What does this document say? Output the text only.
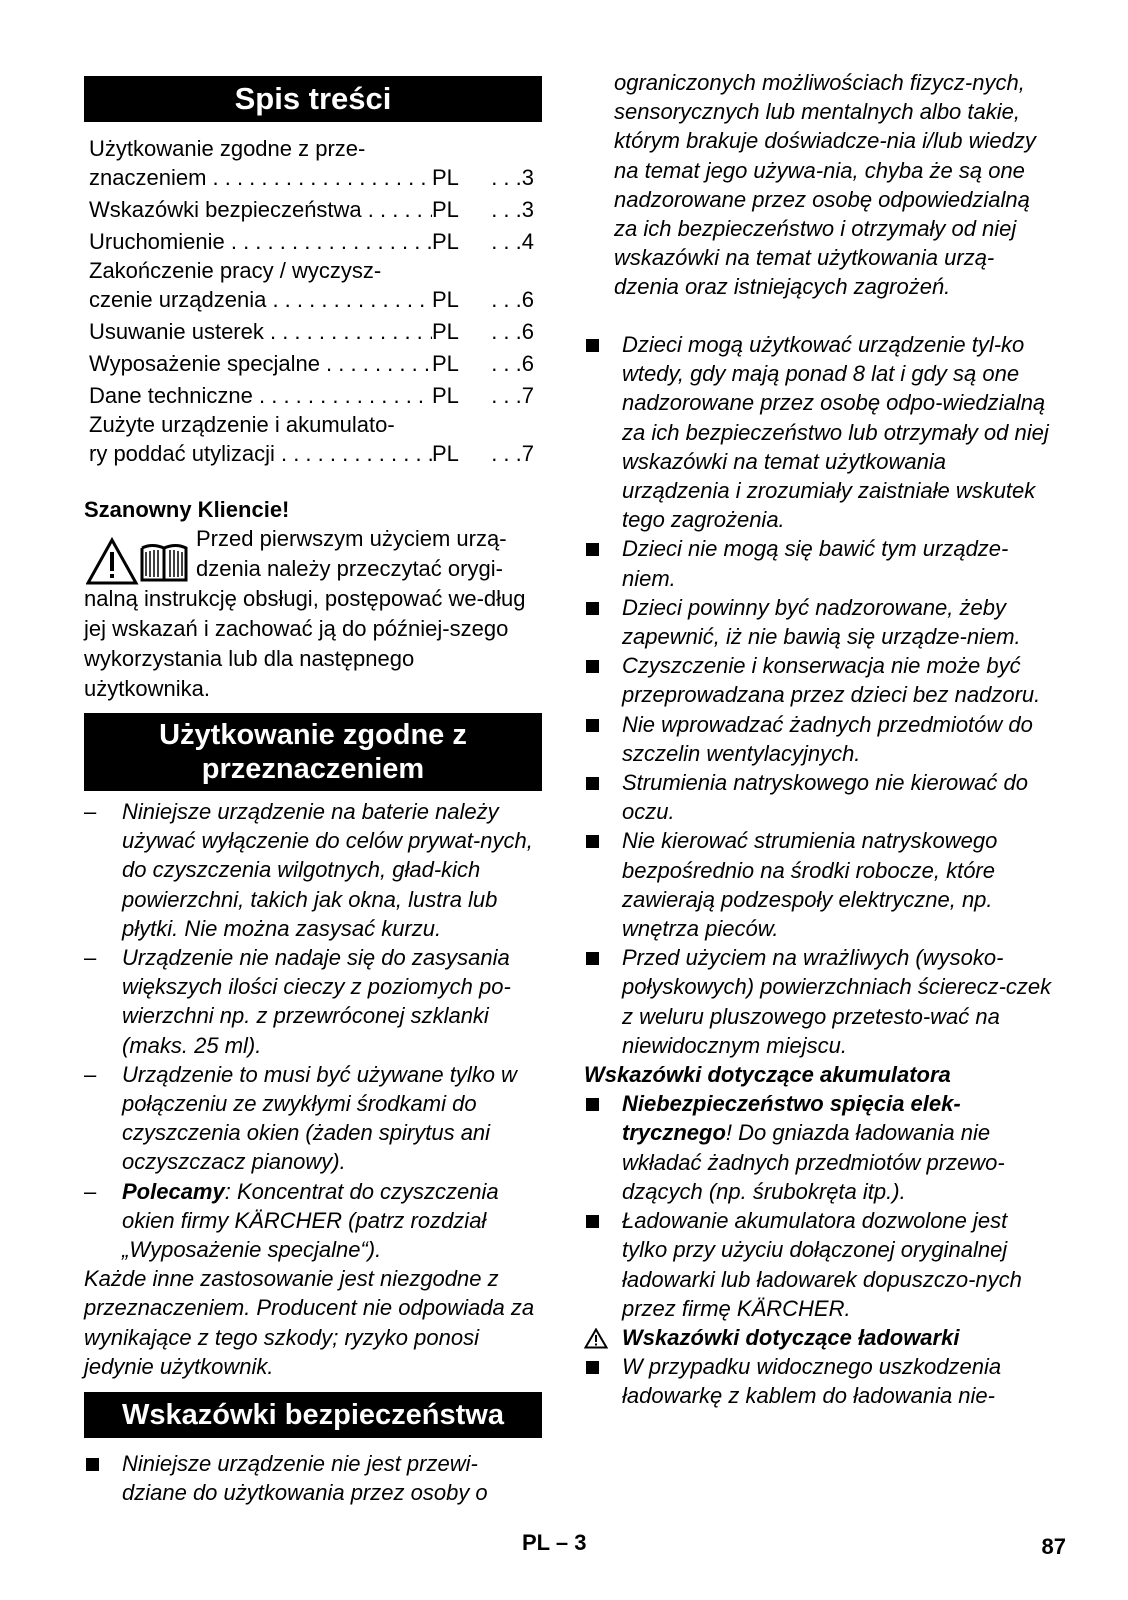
Spis treści
Użytkowanie zgodne z prze-
znaczeniem . . .	PL	. . .3
Wskazówki bezpieczeństwa . . .	PL	. . .3
Uruchomienie . . .	PL	. . .4
Zakończenie pracy / wyczysz-
czenie urządzenia . . .	PL	. . .6
Usuwanie usterek . . .	PL	. . .6
Wyposażenie specjalne . . .	PL	. . .6
Dane techniczne . . .	PL	. . .7
Zużyte urządzenie i akumulato-
ry poddać utylizacji . . .	PL	. . .7
Szanowny Kliencie!
Przed pierwszym użyciem urzą-
dzenia należy przeczytać orygi-
nalną instrukcję obsługi, postępować we-dług jej wskazań i zachować ją do później-szego wykorzystania lub dla następnego użytkownika.
Użytkowanie zgodne z
przeznaczeniem
– Niniejsze urządzenie na baterie należy używać wyłączenie do celów prywat-nych, do czyszczenia wilgotnych, gład-kich powierzchni, takich jak okna, lustra lub płytki. Nie można zasysać kurzu.
– Urządzenie nie nadaje się do zasysania większych ilości cieczy z poziomych po-wierzchni np. z przewróconej szklanki (maks. 25 ml).
– Urządzenie to musi być używane tylko w połączeniu ze zwykłymi środkami do czyszczenia okien (żaden spirytus ani oczyszczacz pianowy).
– Polecamy: Koncentrat do czyszczenia okien firmy KÄRCHER (patrz rozdział „Wyposażenie specjalne“).
Każde inne zastosowanie jest niezgodne z przeznaczeniem. Producent nie odpowiada za wynikające z tego szkody; ryzyko ponosi jedynie użytkownik.
Wskazówki bezpieczeństwa
Niniejsze urządzenie nie jest przewi-dziane do użytkowania przez osoby o
ograniczonych możliwościach fizycz-nych, sensorycznych lub mentalnych albo takie, którym brakuje doświadcze-nia i/lub wiedzy na temat jego używa-nia, chyba że są one nadzorowane przez osobę odpowiedzialną za ich bezpieczeństwo i otrzymały od niej wskazówki na temat użytkowania urzą-dzenia oraz istniejących zagrożeń.
Dzieci mogą użytkować urządzenie tyl-ko wtedy, gdy mają ponad 8 lat i gdy są one nadzorowane przez osobę odpo-wiedzialną za ich bezpieczeństwo lub otrzymały od niej wskazówki na temat użytkowania urządzenia i zrozumiały zaistniałe wskutek tego zagrożenia.
Dzieci nie mogą się bawić tym urządze-niem.
Dzieci powinny być nadzorowane, żeby zapewnić, iż nie bawią się urządze-niem.
Czyszczenie i konserwacja nie może być przeprowadzana przez dzieci bez nadzoru.
Nie wprowadzać żadnych przedmiotów do szczelin wentylacyjnych.
Strumienia natryskowego nie kierować do oczu.
Nie kierować strumienia natryskowego bezpośrednio na środki robocze, które zawierają podzespoły elektryczne, np. wnętrza pieców.
Przed użyciem na wrażliwych (wysoko-połyskowych) powierzchniach ścierecz-czek z weluru pluszowego przetesto-wać na niewidocznym miejscu.
Wskazówki dotyczące akumulatora
Niebezpieczeństwo spięcia elek-trycznego! Do gniazda ładowania nie wkładać żadnych przedmiotów przewo-dzących (np. śrubokręta itp.).
Ładowanie akumulatora dozwolone jest tylko przy użyciu dołączonej oryginalnej ładowarki lub ładowarek dopuszczo-nych przez firmę KÄRCHER.
Wskazówki dotyczące ładowarki
W przypadku widocznego uszkodzenia ładowarkę z kablem do ładowania nie-
PL – 3	87
